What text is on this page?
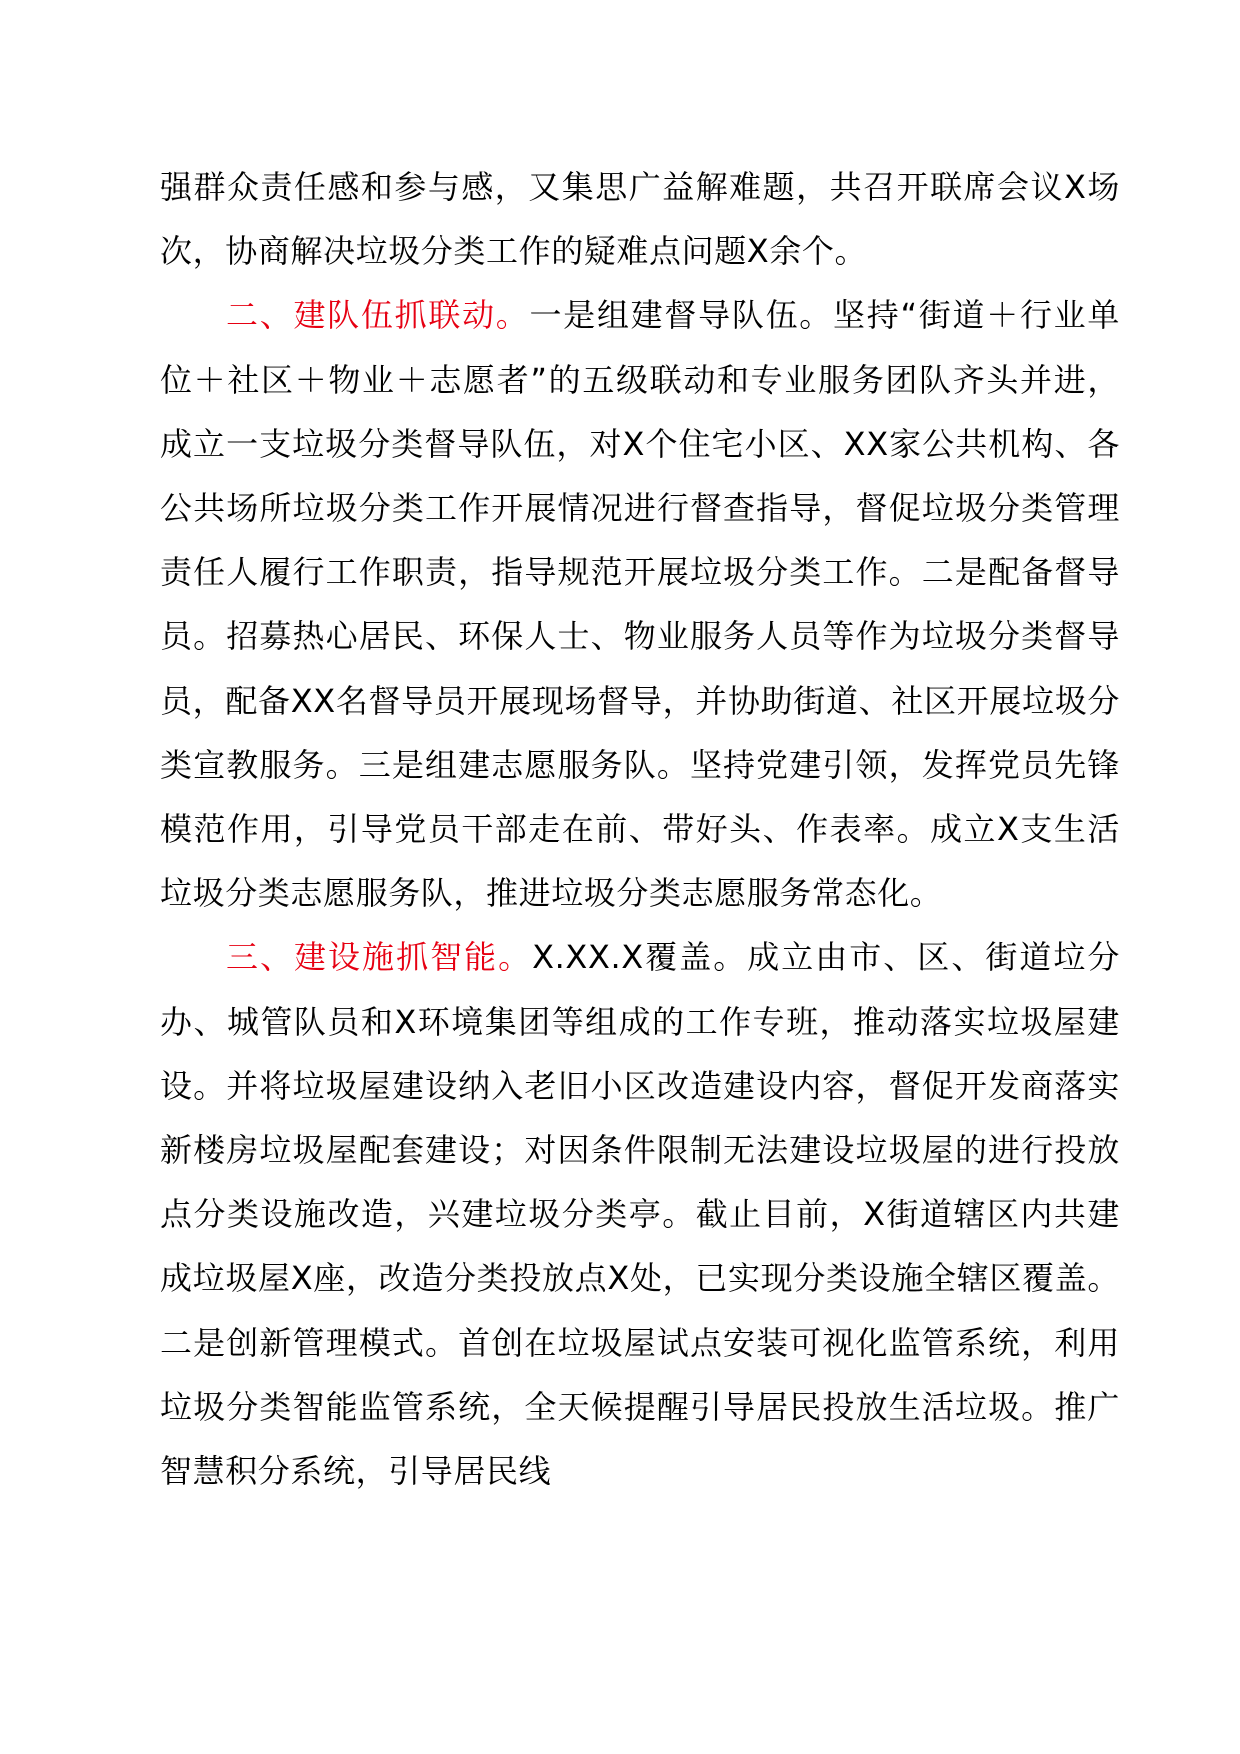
强群众责任感和参与感，又集思广益解难题，共召开联席会议X场次，协商解决垃圾分类工作的疑难点问题X余个。

二、建队伍抓联动。一是组建督导队伍。坚持“街道＋行业单位＋社区＋物业＋志愿者”的五级联动和专业服务团队齐头并进，成立一支垃圾分类督导队伍，对X个住宅小区、XX家公共机构、各公共场所垃圾分类工作开展情况进行督查指导，督促垃圾分类管理责任人履行工作职责，指导规范开展垃圾分类工作。二是配备督导员。招募热心居民、环保人士、物业服务人员等作为垃圾分类督导员，配备XX名督导员开展现场督导，并协助街道、社区开展垃圾分类宣教服务。三是组建志愿服务队。坚持党建引领，发挥党员先锋模范作用，引导党员干部走在前、带好头、作表率。成立X支生活垃圾分类志愿服务队，推进垃圾分类志愿服务常态化。

三、建设施抓智能。X.XX.X覆盖。成立由市、区、街道垃分办、城管队员和X环境集团等组成的工作专班，推动落实垃圾屋建设。并将垃圾屋建设纳入老旧小区改造建设内容，督促开发商落实新楼房垃圾屋配套建设；对因条件限制无法建设垃圾屋的进行投放点分类设施改造，兴建垃圾分类亭。截止目前，X街道辖区内共建成垃圾屋X座，改造分类投放点X处，已实现分类设施全辖区覆盖。二是创新管理模式。首创在垃圾屋试点安装可视化监管系统，利用垃圾分类智能监管系统，全天候提醒引导居民投放生活垃圾。推广智慧积分系统，引导居民线
